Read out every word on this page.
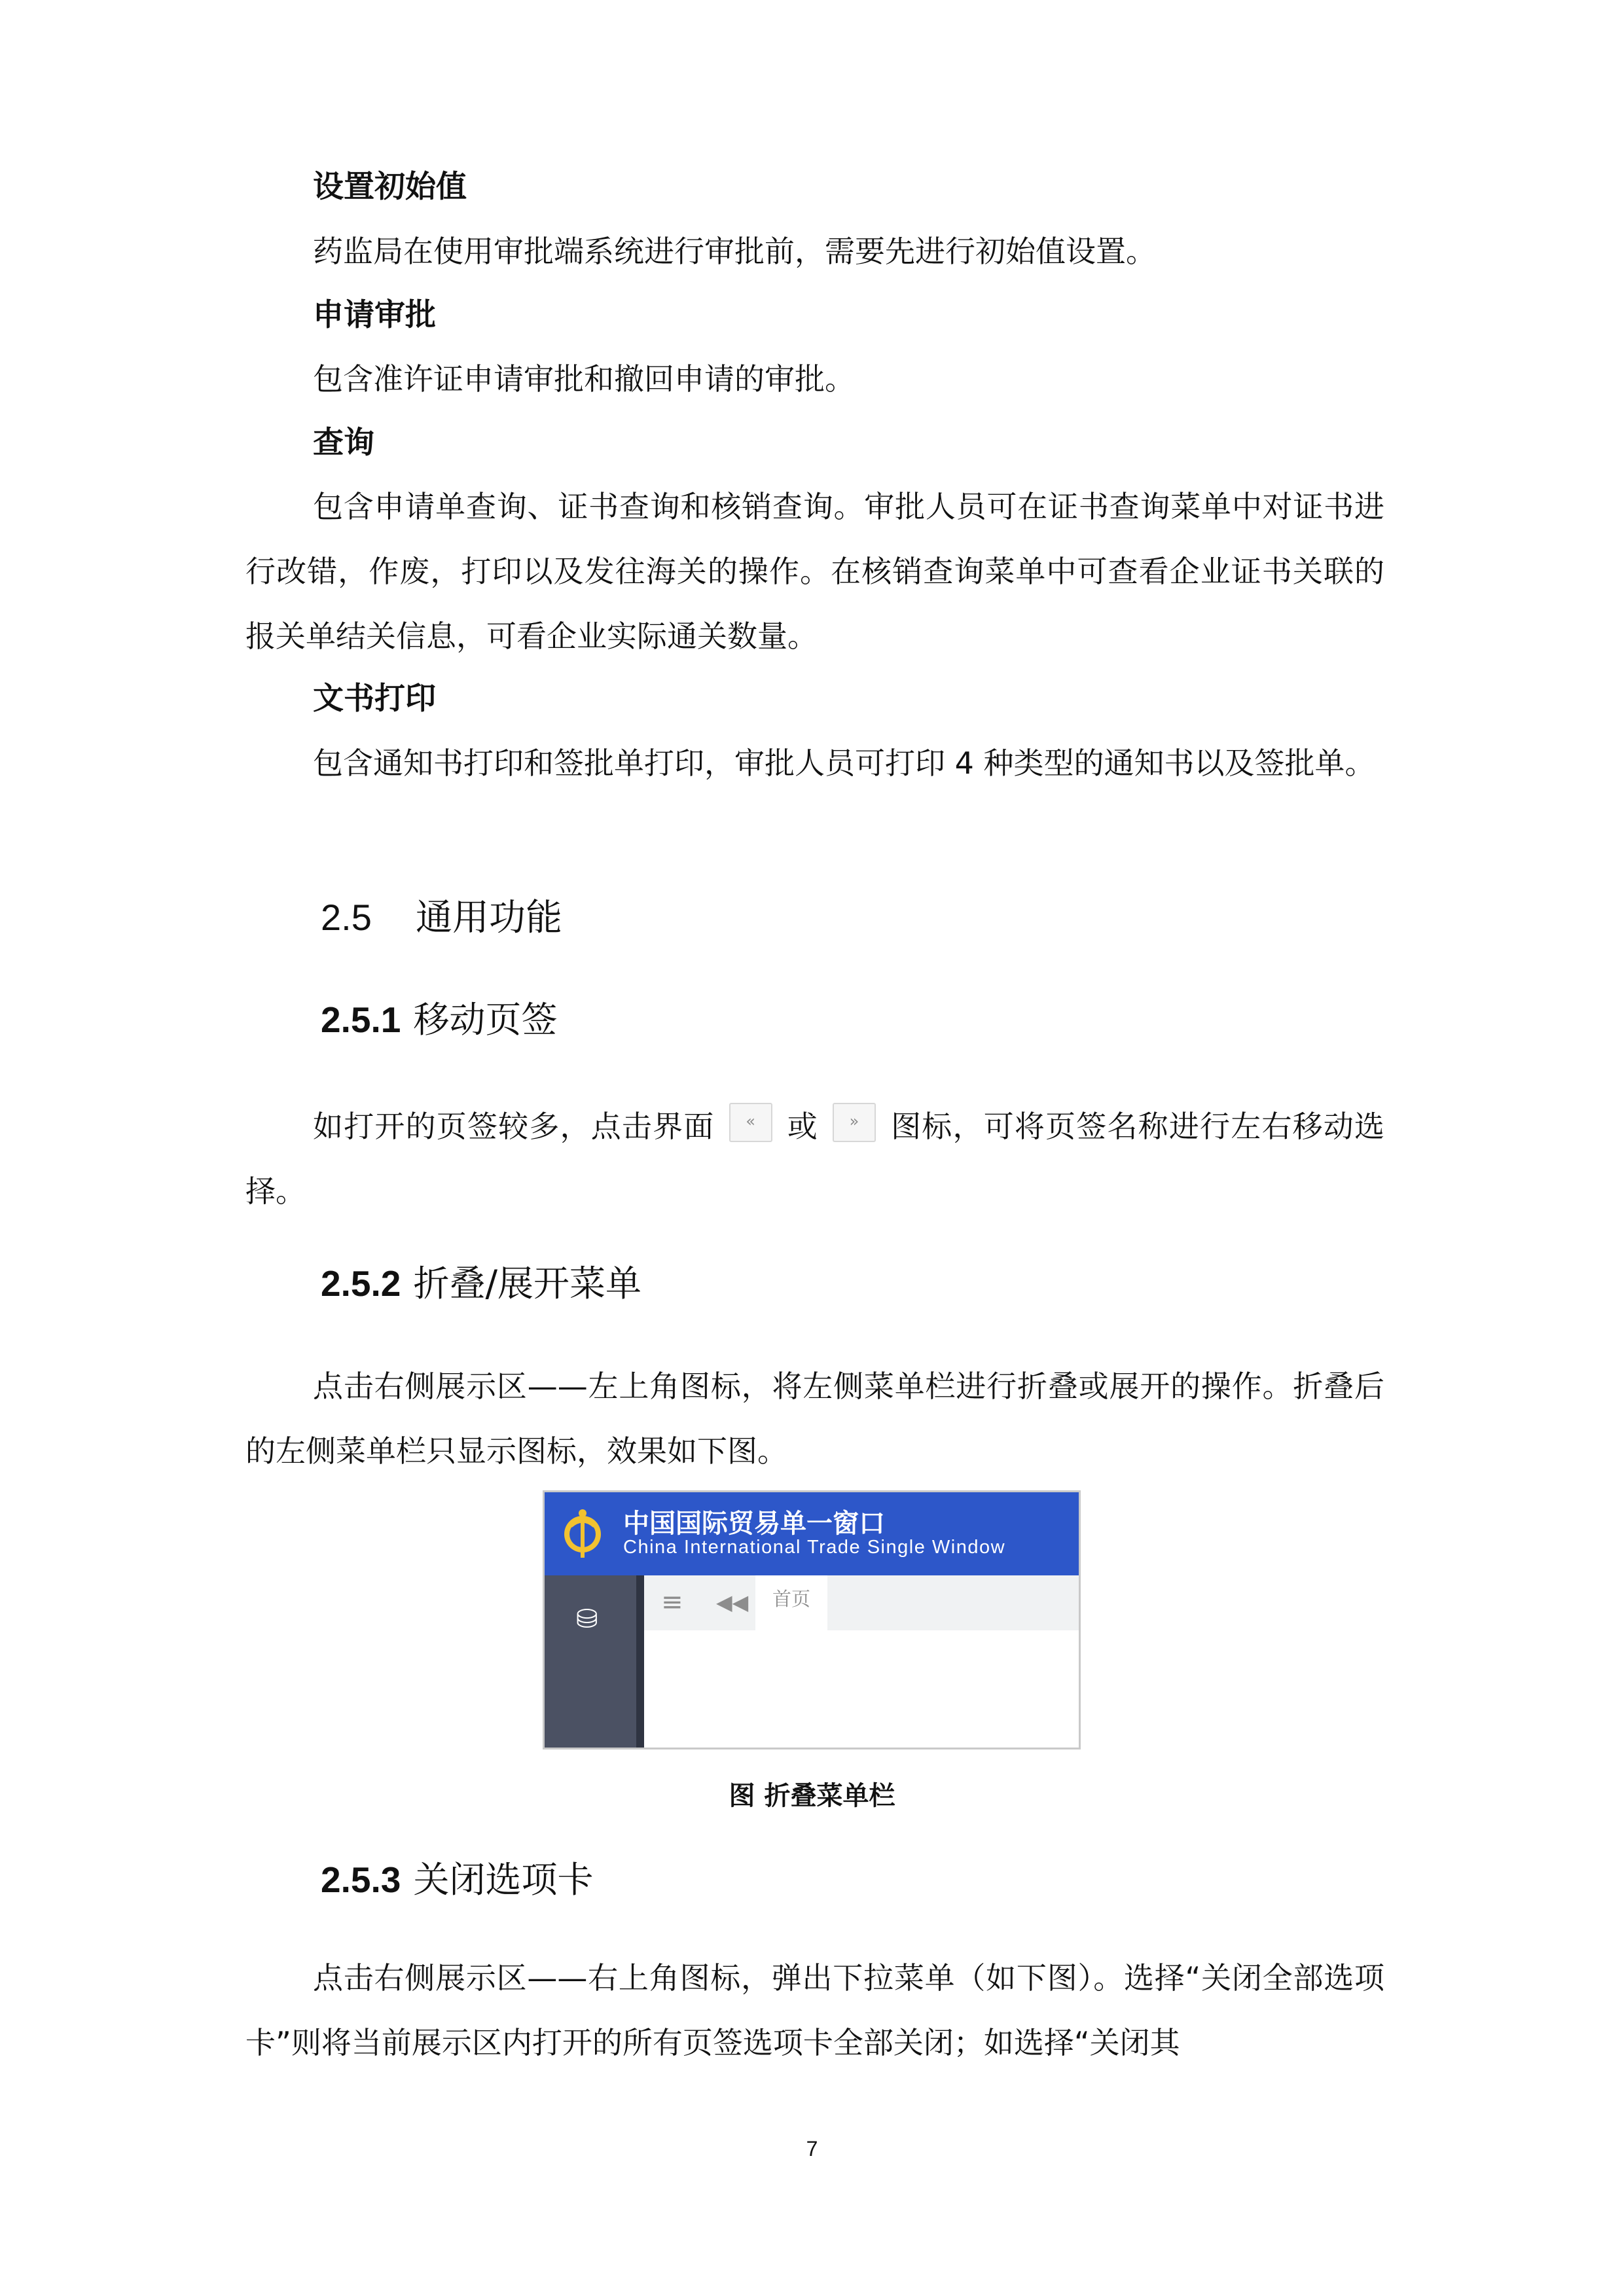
设置初始值
药监局在使用审批端系统进行审批前，需要先进行初始值设置。
申请审批
包含准许证申请审批和撤回申请的审批。
查询
包含申请单查询、证书查询和核销查询。审批人员可在证书查询菜单中对证书进行改错，作废，打印以及发往海关的操作。在核销查询菜单中可查看企业证书关联的报关单结关信息，可看企业实际通关数量。
文书打印
包含通知书打印和签批单打印，审批人员可打印 4 种类型的通知书以及签批单。
2.5 通用功能
2.5.1 移动页签
如打开的页签较多，点击界面 « 或 » 图标，可将页签名称进行左右移动选择。
2.5.2 折叠/展开菜单
点击右侧展示区——左上角图标，将左侧菜单栏进行折叠或展开的操作。折叠后的左侧菜单栏只显示图标，效果如下图。
中国国际贸易单一窗口
China International Trade Single Window
⛁
≡ ◀◀	首页
图 折叠菜单栏
2.5.3 关闭选项卡
点击右侧展示区——右上角图标，弹出下拉菜单（如下图）。选择“关闭全部选项卡”则将当前展示区内打开的所有页签选项卡全部关闭；如选择“关闭其
7
